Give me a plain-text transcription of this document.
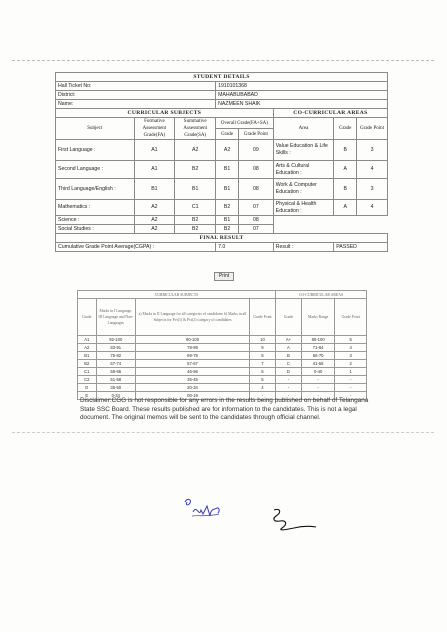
STUDENT DETAILS							
Hall Ticket No:			1910101368				
District:			MAHABUBABAD				
Name:			NAZMEEN SHAIK				
CURRICULAR SUBJECTS					CO-CURRICULAR AREAS		
Subject	Formative Assessment Grade(FA)	Summative Assessment Grade(SA)	Overall Grade(FA+SA)		Area	Grade	Grade Point
			Grade	Grade Point			
First Language :	A1	A2	A2	09	Value Education & Life Skills :	B	3
Second Language :	A1	B2	B1	08	Arts & Cultural Education :	A	4
Third Language/English :	B1	B1	B1	08	Work & Computer Education :	B	3
Mathematics :	A2	C1	B2	07	Physical & Health Education :	A	4
Science :	A2	B2	B1	08			
Social Studies :	A2	B2	B2	07			
FINAL RESULT							
Cumulative Grade Point Average(CGPA) :			7.0		Result :	PASSED	
Print
CURRICULAR SUBJECTS				CO-CURRICULAR AREAS		
Grade	Marks in I Language, III Language and Non-Languages	a) Marks in II Language for all categories of candidates b) Marks in all Subjects for Pvt(1) & Pvt(2) category of candidates	Grade Point	Grade	Marks Range	Grade Point
A1	92-100	90-100	10	A+	85-100	5
A2	83-91	79-89	9	A	71-84	4
B1	75-82	69-78	8	B	56-70	3
B2	67-74	57-67	7	C	41-55	2
C1	59-66	46-56	6	D	0-40	1
C2	51-58	35-45	5	-	-	-
D	35-50	20-34	4	-	-	-
E	0-34	00-19	-	-	-	-
Disclaimer:CGG is not responsible for any errors in the results being published on behalf of Telangana State SSC Board. These results published are for information to the candidates. This is not a legal document. The original memos will be sent to the candidates through official channel.
